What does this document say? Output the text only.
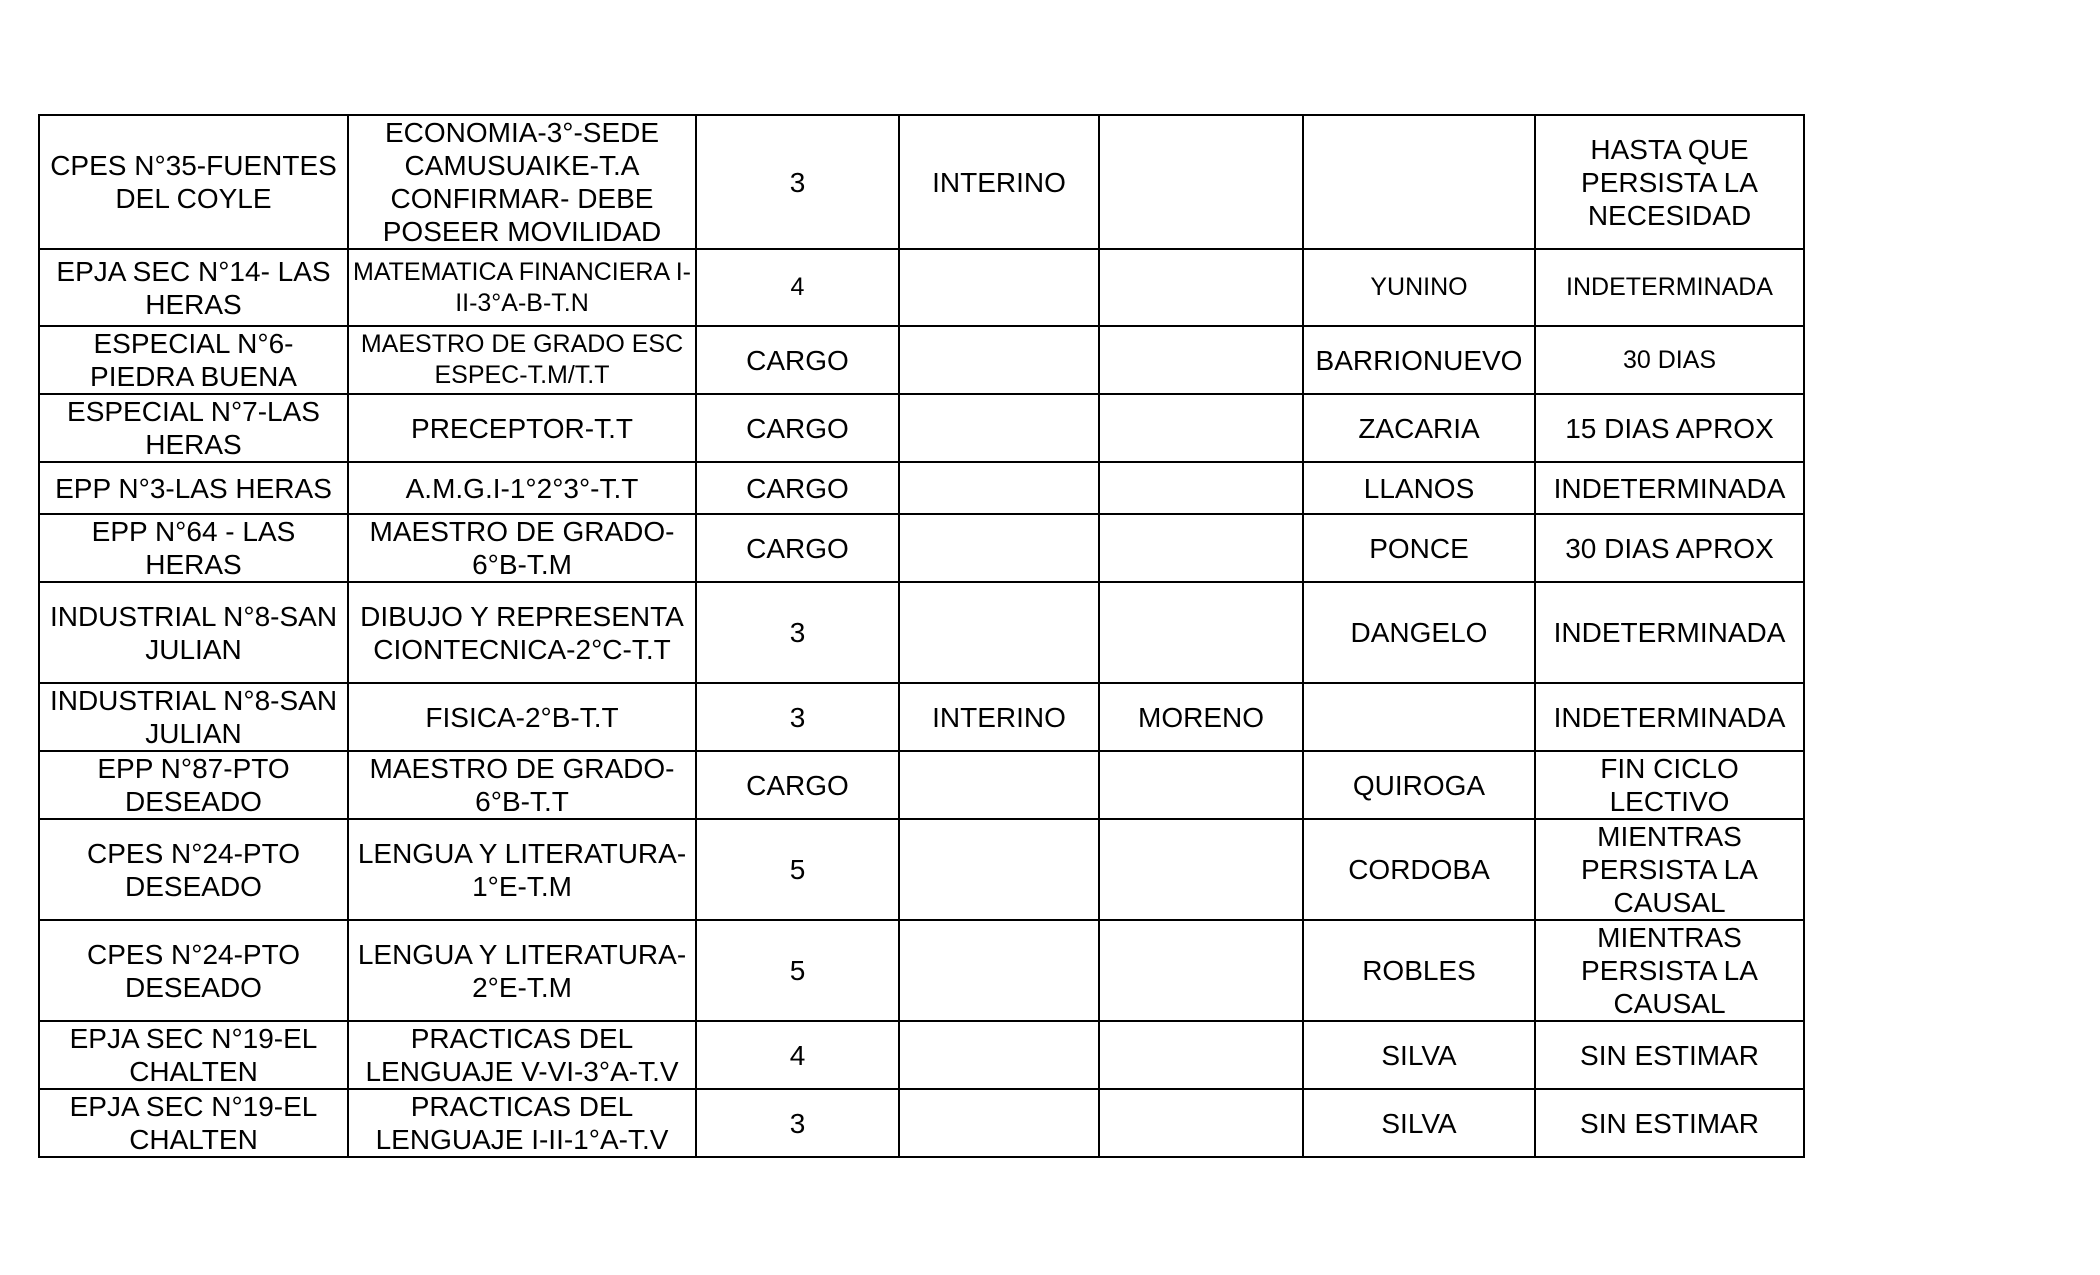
CPES N°35-FUENTES DEL COYLE	ECONOMIA-3°-SEDE CAMUSUAIKE-T.A CONFIRMAR- DEBE POSEER MOVILIDAD	3	INTERINO			HASTA QUE PERSISTA LA NECESIDAD
EPJA SEC N°14- LAS HERAS	MATEMATICA FINANCIERA I-II-3°A-B-T.N	4			YUNINO	INDETERMINADA
ESPECIAL N°6-PIEDRA BUENA	MAESTRO DE GRADO ESC ESPEC-T.M/T.T	CARGO			BARRIONUEVO	30 DIAS
ESPECIAL N°7-LAS HERAS	PRECEPTOR-T.T	CARGO			ZACARIA	15 DIAS APROX
EPP N°3-LAS HERAS	A.M.G.I-1°2°3°-T.T	CARGO			LLANOS	INDETERMINADA
EPP N°64 - LAS HERAS	MAESTRO DE GRADO-6°B-T.M	CARGO			PONCE	30 DIAS APROX
INDUSTRIAL N°8-SAN JULIAN	DIBUJO Y REPRESENTACIONTECNICA-2°C-T.T	3			DANGELO	INDETERMINADA
INDUSTRIAL N°8-SAN JULIAN	FISICA-2°B-T.T	3	INTERINO	MORENO		INDETERMINADA
EPP N°87-PTO DESEADO	MAESTRO DE GRADO-6°B-T.T	CARGO			QUIROGA	FIN CICLO LECTIVO
CPES N°24-PTO DESEADO	LENGUA Y LITERATURA-1°E-T.M	5			CORDOBA	MIENTRAS PERSISTA LA CAUSAL
CPES N°24-PTO DESEADO	LENGUA Y LITERATURA-2°E-T.M	5			ROBLES	MIENTRAS PERSISTA LA CAUSAL
EPJA SEC N°19-EL CHALTEN	PRACTICAS DEL LENGUAJE V-VI-3°A-T.V	4			SILVA	SIN ESTIMAR
EPJA SEC N°19-EL CHALTEN	PRACTICAS DEL LENGUAJE I-II-1°A-T.V	3			SILVA	SIN ESTIMAR
